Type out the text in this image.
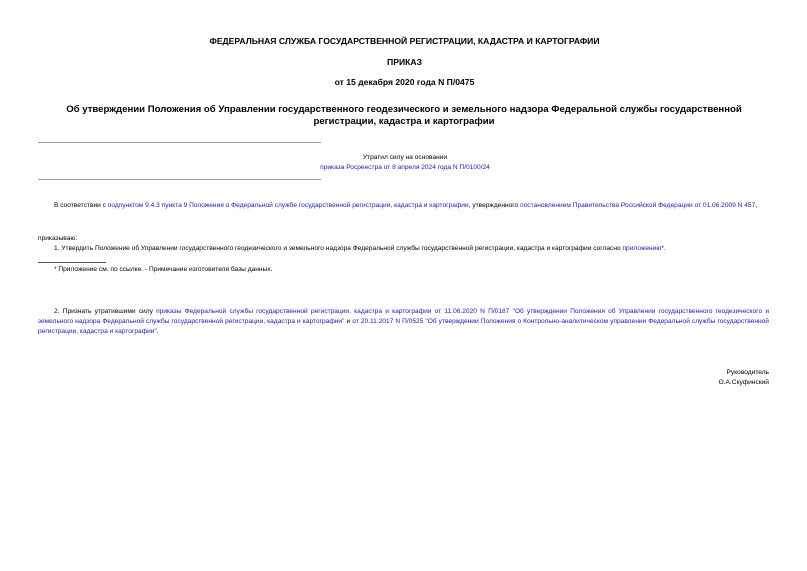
ФЕДЕРАЛЬНАЯ СЛУЖБА ГОСУДАРСТВЕННОЙ РЕГИСТРАЦИИ, КАДАСТРА И КАРТОГРАФИИ
ПРИКАЗ
от 15 декабря 2020 года N П/0475
Об утверждении Положения об Управлении государственного геодезического и земельного надзора Федеральной службы государственной регистрации, кадастра и картографии
Утратил силу на основании
приказа Росреестра от 8 апреля 2024 года N П/0100/24
В соответствии с подпунктом 9.4.3 пункта 9 Положения о Федеральной службе государственной регистрации, кадастра и картографии, утвержденного постановлением Правительства Российской Федерации от 01.06.2009 N 457,
приказываю:
1. Утвердить Положение об Управлении государственного геодезического и земельного надзора Федеральной службы государственной регистрации, кадастра и картографии согласно приложению*.
* Приложение см. по ссылке. - Примечание изготовителя базы данных.
2. Признать утратившими силу приказы Федеральной службы государственной регистрации, кадастра и картографии от 11.06.2020 N П/0187 "Об утверждении Положения об Управлении государственного геодезического и земельного надзора Федеральной службы государственной регистрации, кадастра и картографии" и от 20.11.2017 N П/0525 "Об утверждении Положения о Контрольно-аналитическом управлении Федеральной службы государственной регистрации, кадастра и картографии".
Руководитель
О.А.Скуфинский
